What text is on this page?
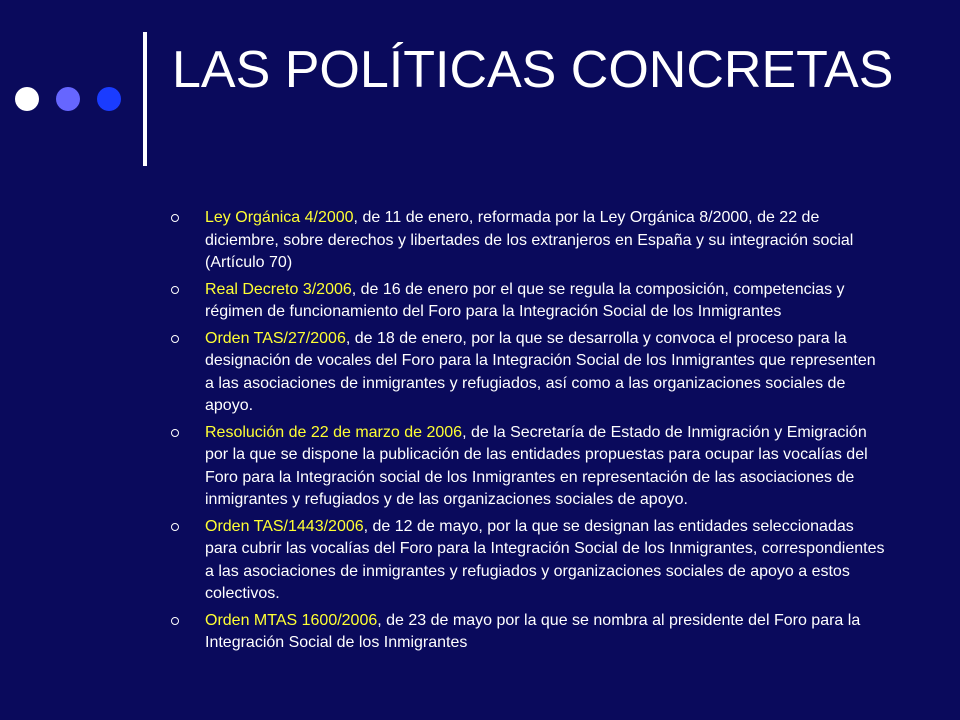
LAS POLÍTICAS CONCRETAS
Ley Orgánica 4/2000, de 11 de enero, reformada por la Ley Orgánica 8/2000, de 22 de diciembre, sobre derechos y libertades de los extranjeros en España y su integración social (Artículo 70)
Real Decreto 3/2006, de 16 de enero por el que se regula la composición, competencias y régimen de funcionamiento del Foro para la Integración Social de los Inmigrantes
Orden TAS/27/2006, de 18 de enero, por la que se desarrolla y convoca el proceso para la designación de vocales del Foro para la Integración Social de los Inmigrantes que representen a las asociaciones de inmigrantes y refugiados, así como a las organizaciones sociales de apoyo.
Resolución de 22 de marzo de 2006, de la Secretaría de Estado de Inmigración y Emigración por la que se dispone la publicación de las entidades propuestas para ocupar las vocalías del Foro para la Integración social de los Inmigrantes en representación de las asociaciones de inmigrantes y refugiados y de las organizaciones sociales de apoyo.
Orden TAS/1443/2006, de 12 de mayo, por la que se designan las entidades seleccionadas para cubrir las vocalías del Foro para la Integración Social de los Inmigrantes, correspondientes a las asociaciones de inmigrantes y refugiados y organizaciones sociales de apoyo a estos colectivos.
Orden MTAS 1600/2006, de 23 de mayo por la que se nombra al presidente del Foro para la Integración Social de los Inmigrantes
